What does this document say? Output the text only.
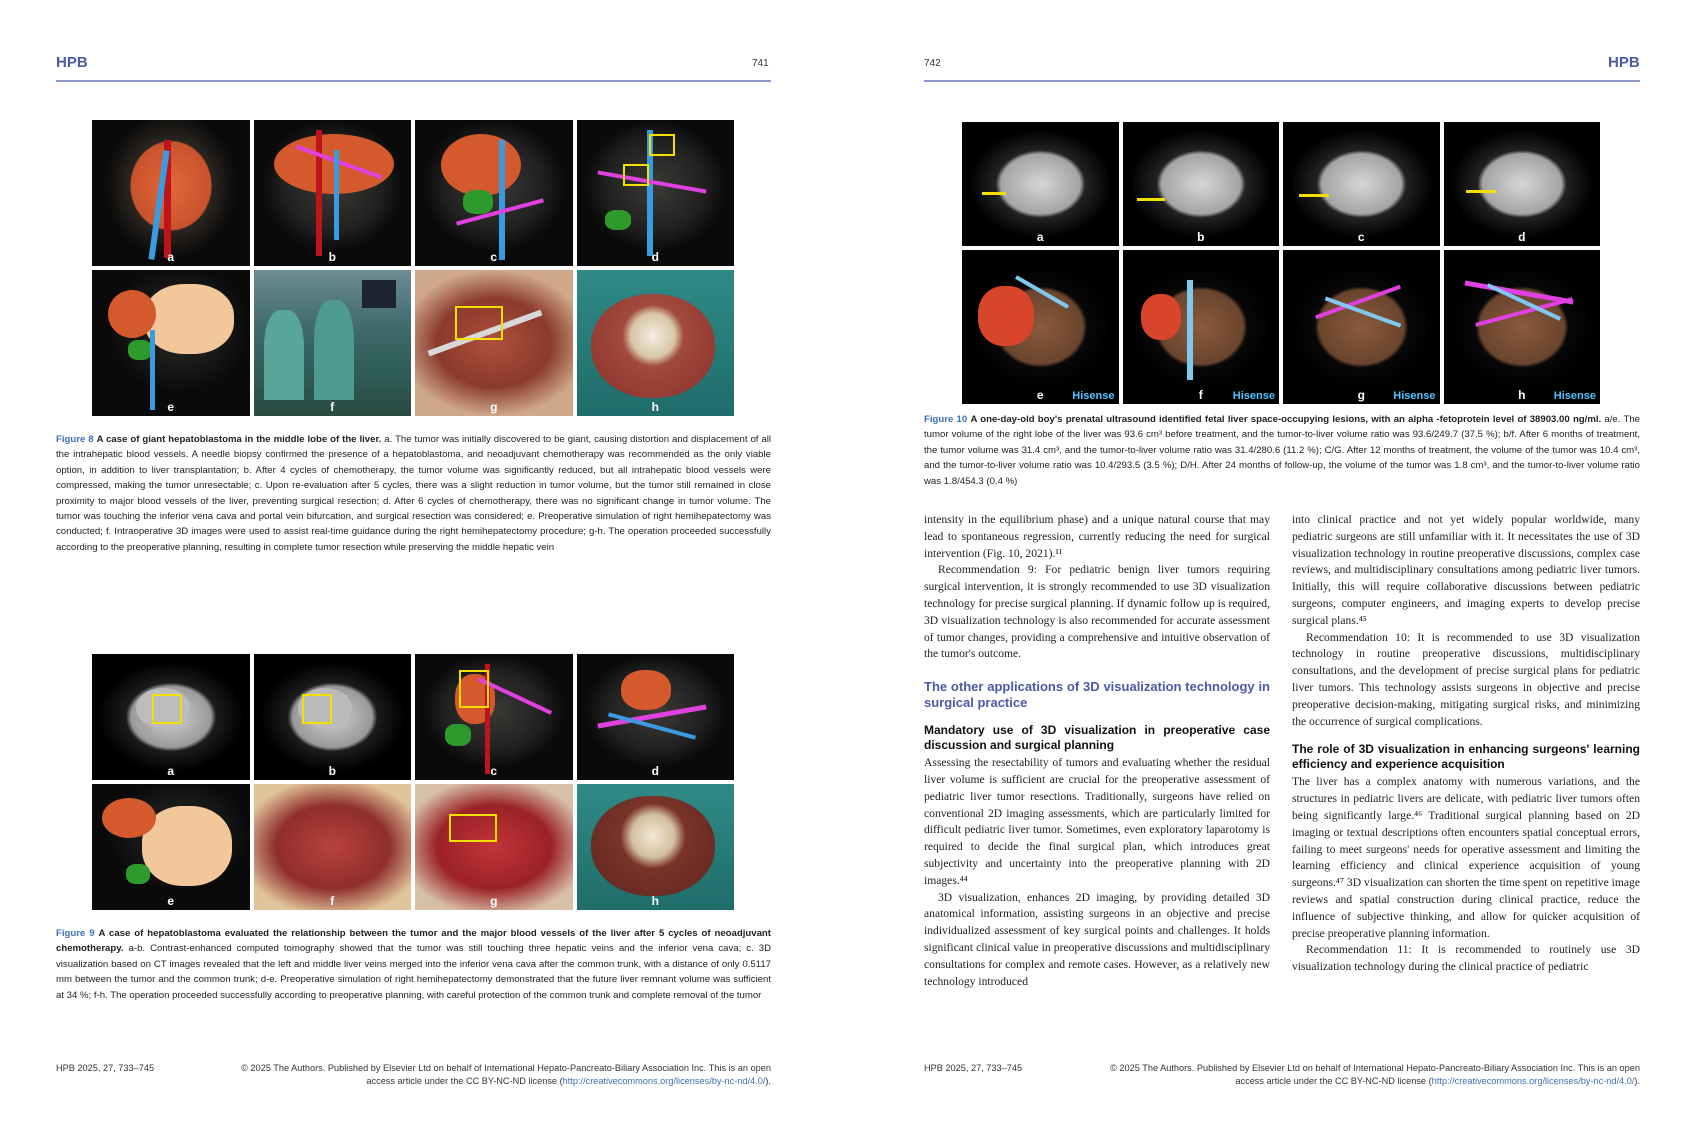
HPB	741
a	b	c	d
e	f	g	h
Figure 8 A case of giant hepatoblastoma in the middle lobe of the liver. a. The tumor was initially discovered to be giant, causing distortion and displacement of all the intrahepatic blood vessels. A needle biopsy confirmed the presence of a hepatoblastoma, and neoadjuvant chemotherapy was recommended as the only viable option, in addition to liver transplantation; b. After 4 cycles of chemotherapy, the tumor volume was significantly reduced, but all intrahepatic blood vessels were compressed, making the tumor unresectable; c. Upon re-evaluation after 5 cycles, there was a slight reduction in tumor volume, but the tumor still remained in close proximity to major blood vessels of the liver, preventing surgical resection; d. After 6 cycles of chemotherapy, there was no significant change in tumor volume. The tumor was touching the inferior vena cava and portal vein bifurcation, and surgical resection was considered; e. Preoperative simulation of right hemihepatectomy was conducted; f. Intraoperative 3D images were used to assist real-time guidance during the right hemihepatectomy procedure; g-h. The operation proceeded successfully according to the preoperative planning, resulting in complete tumor resection while preserving the middle hepatic vein
a	b	c	d
e	f	g	h
Figure 9 A case of hepatoblastoma evaluated the relationship between the tumor and the major blood vessels of the liver after 5 cycles of neoadjuvant chemotherapy. a-b. Contrast-enhanced computed tomography showed that the tumor was still touching three hepatic veins and the inferior vena cava; c. 3D visualization based on CT images revealed that the left and middle liver veins merged into the inferior vena cava after the common trunk, with a distance of only 0.5117 mm between the tumor and the common trunk; d-e. Preoperative simulation of right hemihepatectomy demonstrated that the future liver remnant volume was sufficient at 34 %; f-h. The operation proceeded successfully according to preoperative planning, with careful protection of the common trunk and complete removal of the tumor
HPB 2025, 27, 733–745	© 2025 The Authors. Published by Elsevier Ltd on behalf of International Hepato-Pancreato-Biliary Association Inc. This is an open
access article under the CC BY-NC-ND license (http://creativecommons.org/licenses/by-nc-nd/4.0/).
742	HPB
a	b	c	d
e	Hisense	f	Hisense	g	Hisense	h	Hisense
Figure 10 A one-day-old boy's prenatal ultrasound identified fetal liver space-occupying lesions, with an alpha -fetoprotein level of 38903.00 ng/ml. a/e. The tumor volume of the right lobe of the liver was 93.6 cm³ before treatment, and the tumor-to-liver volume ratio was 93.6/249.7 (37.5 %); b/f. After 6 months of treatment, the tumor volume was 31.4 cm³, and the tumor-to-liver volume ratio was 31.4/280.6 (11.2 %); C/G. After 12 months of treatment, the volume of the tumor was 10.4 cm³, and the tumor-to-liver volume ratio was 10.4/293.5 (3.5 %); D/H. After 24 months of follow-up, the volume of the tumor was 1.8 cm³, and the tumor-to-liver volume ratio was 1.8/454.3 (0.4 %)

intensity in the equilibrium phase) and a unique natural course that may lead to spontaneous regression, currently reducing the need for surgical intervention (Fig. 10, 2021).¹¹

Recommendation 9: For pediatric benign liver tumors requiring surgical intervention, it is strongly recommended to use 3D visualization technology for precise surgical planning. If dynamic follow up is required, 3D visualization technology is also recommended for accurate assessment of tumor changes, providing a comprehensive and intuitive observation of the tumor's outcome.

The other applications of 3D visualization technology in surgical practice
Mandatory use of 3D visualization in preoperative case discussion and surgical planning

Assessing the resectability of tumors and evaluating whether the residual liver volume is sufficient are crucial for the preoperative assessment of pediatric liver tumor resections. Traditionally, surgeons have relied on conventional 2D imaging assessments, which are particularly limited for difficult pediatric liver tumor. Sometimes, even exploratory laparotomy is required to decide the final surgical plan, which introduces great subjectivity and uncertainty into the preoperative planning with 2D images.⁴⁴

3D visualization, enhances 2D imaging, by providing detailed 3D anatomical information, assisting surgeons in an objective and precise individualized assessment of key surgical points and challenges. It holds significant clinical value in preoperative discussions and multidisciplinary consultations for complex and remote cases. However, as a relatively new technology introduced

into clinical practice and not yet widely popular worldwide, many pediatric surgeons are still unfamiliar with it. It necessitates the use of 3D visualization technology in routine preoperative discussions, complex case reviews, and multidisciplinary consultations among pediatric liver tumors. Initially, this will require collaborative discussions between pediatric surgeons, computer engineers, and imaging experts to develop precise surgical plans.⁴⁵

Recommendation 10: It is recommended to use 3D visualization technology in routine preoperative discussions, multidisciplinary consultations, and the development of precise surgical plans for pediatric liver tumors. This technology assists surgeons in objective and precise preoperative decision-making, mitigating surgical risks, and minimizing the occurrence of surgical complications.

The role of 3D visualization in enhancing surgeons' learning efficiency and experience acquisition

The liver has a complex anatomy with numerous variations, and the structures in pediatric livers are delicate, with pediatric liver tumors often being significantly large.⁴⁶ Traditional surgical planning based on 2D imaging or textual descriptions often encounters spatial conceptual errors, failing to meet surgeons' needs for operative assessment and limiting the learning efficiency and clinical experience acquisition of young surgeons.⁴⁷ 3D visualization can shorten the time spent on repetitive image reviews and spatial construction during clinical practice, reduce the influence of subjective thinking, and allow for quicker acquisition of precise preoperative planning information.

Recommendation 11: It is recommended to routinely use 3D visualization technology during the clinical practice of pediatric

HPB 2025, 27, 733–745	© 2025 The Authors. Published by Elsevier Ltd on behalf of International Hepato-Pancreato-Biliary Association Inc. This is an open
access article under the CC BY-NC-ND license (http://creativecommons.org/licenses/by-nc-nd/4.0/).
